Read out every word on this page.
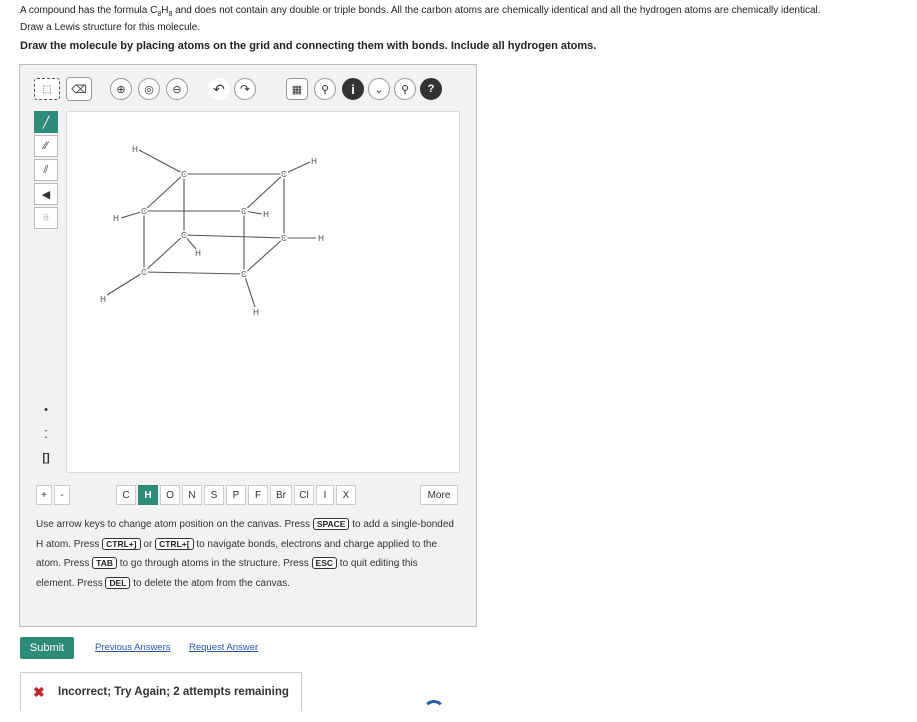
A compound has the formula $C_8H_8$ and does not contain any double or triple bonds. All the carbon atoms are chemically identical and all the hydrogen atoms are chemically identical.
Draw a Lewis structure for this molecule.
Draw the molecule by placing atoms on the grid and connecting them with bonds. Include all hydrogen atoms.
⬚	⌫	⊕	◎	⊖	↶	↷	▦	⚲	i	⌄	⚲	?
╱
∕∕
⫽
◀
⦙⦙⦙
•
⁚
[]
C	C
C	C
C	C
C	C
H
H
H	H
H
H
H
H
+	-	C	H	O	N	S	P	F	Br	Cl	I	X	More
Use arrow keys to change atom position on the canvas. Press SPACE to add a single-bonded H atom. Press CTRL+] or CTRL+[ to navigate bonds, electrons and charge applied to the atom. Press TAB to go through atoms in the structure. Press ESC to quit editing this element. Press DEL to delete the atom from the canvas.
Submit	Previous Answers Request Answer
✖ Incorrect; Try Again; 2 attempts remaining
